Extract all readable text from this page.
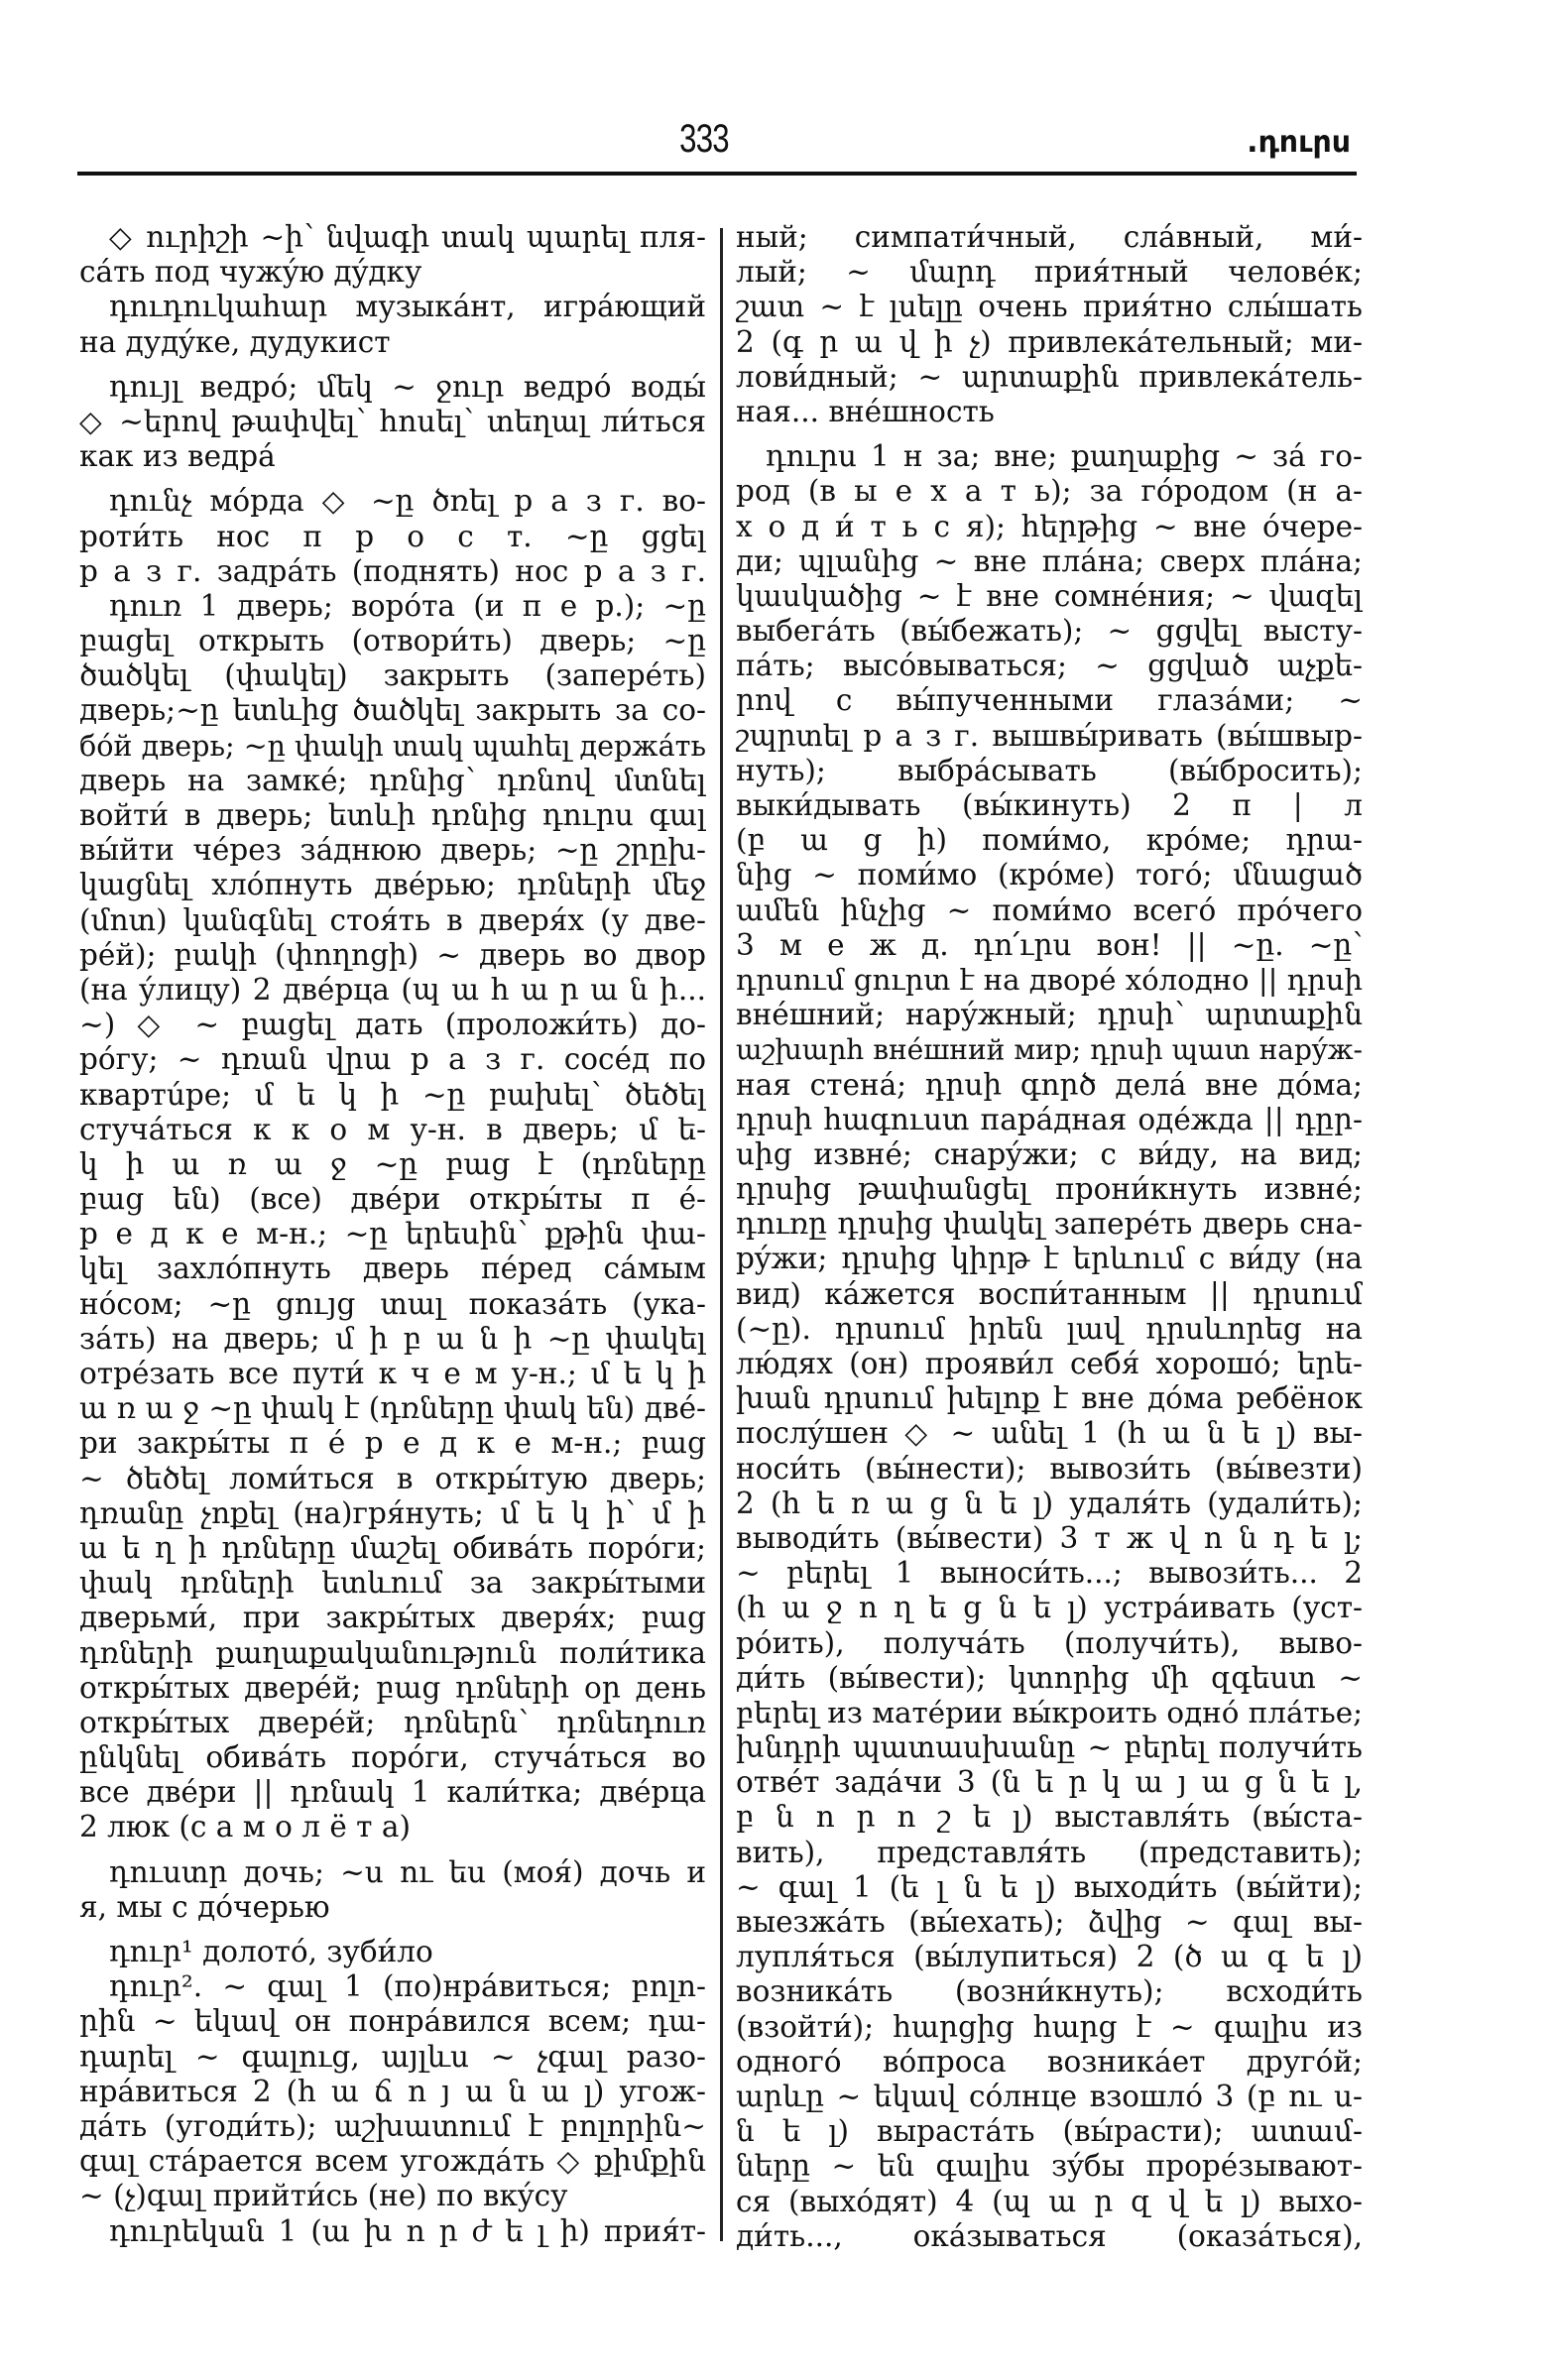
333	.դուրս
◇ ուրիշի ~ի՝ նվագի տակ պարել пля-
сáть под чужýю дýдку
դուդուկահար музыкáнт, игрáющий
на дудýке, дудукист
դույլ ведрó; մեկ ~ ջուր ведрó воды́
◇ ~երով թափվել՝ հոսել՝ տեղալ ли́ться
как из ведрá
դունչ мóрда ◇ ~ը ծռել р а з г. во-
роти́ть нос п р о с т. ~ը ցցել
р а з г. задрáть (поднять) нос р а з г.
դուռ 1 дверь; ворóта (и п е р.); ~ը
բացել открыть (отвори́ть) дверь; ~ը
ծածկել (փակել) закрыть (заперéть)
дверь;~ը ետևից ծածկել закрыть за со-
бóй дверь; ~ը փակի տակ պահել держáть
дверь на замкé; դռնից՝ դռնով մտնել
войти́ в дверь; ետևի դռնից դուրս գալ
вы́йти чéрез зáднюю дверь; ~ը շրըխ-
կացնել хлóпнуть двéрью; դռների մեջ
(մոտ) կանգնել стоя́ть в дверя́х (у две-
рéй); բակի (փողոցի) ~ дверь во двор
(на ýлицу) 2 двéрца (պ ա հ ա ր ա ն ի...
~) ◇ ~ բացել дать (проложи́ть) до-
рóгу; ~ դռան վրա р а з г. сосéд по
квартúре; մ ե կ ի ~ը բախել՝ ծեծել
стучáться к к о м у-н. в дверь; մ ե-
կ ի ա ռ ա ջ ~ը բաց է (դռները
բաց են) (все) двéри откры́ты п é-
р е д к е м-н.; ~ը երեսին՝ քթին փա-
կել захлóпнуть дверь пéред сáмым
нóсом; ~ը ցույց տալ показáть (ука-
зáть) на дверь; մ ի բ ա ն ի ~ը փակել
отрéзать все пути́ к ч е м у-н.; մ ե կ ի
ա ռ ա ջ ~ը փակ է (դռները փակ են) двé-
ри закры́ты п é р е д к е м-н.; բաց
~ ծեծել ломи́ться в откры́тую дверь;
դռանը չոքել (на)гря́нуть; մ ե կ ի՝ մ ի
ա ե ղ ի դռները մաշել обивáть порóги;
փակ դռների ետևում за закры́тыми
дверьми́, при закры́тых дверя́х; բաց
դռների քաղաքականություն поли́тика
откры́тых дверéй; բաց դռների օր день
откры́тых дверéй; դռներն՝ դռնեդուռ
ընկնել обивáть порóги, стучáться во
все двéри || դռնակ 1 кали́тка; двéрца
2 люк (с а м о л ё т а)
դուստր дочь; ~ս ու ես (моя́) дочь и
я, мы с дóчерью
դուր¹ долотó, зуби́ло
դուր². ~ գալ 1 (по)нрáвиться; բոլո-
րին ~ եկավ он понрáвился всем; դա-
դարել ~ գալուց, այլևս ~ չգալ разо-
нрáвиться 2 (հ ա ճ ո յ ա ն ա լ) угож-
дáть (угоди́ть); աշխատում է բոլորին~
գալ стáрается всем угождáть ◇ քիմքին
~ (չ)գալ прийти́сь (не) по вкýсу
դուրեկան 1 (ա խ ո ր ժ ե լ ի) прия́т-
ный; симпати́чный, слáвный, ми́-
лый; ~ մարդ прия́тный человéк;
շատ ~ է լսելը очень прия́тно слы́шать
2 (գ ր ա վ ի չ) привлекáтельный; ми-
лови́дный; ~ արտաքին привлекáтель-
ная... внéшность
դուրս 1 н за; вне; քաղաքից ~ зá го-
род (в ы е х а т ь); за гóродом (н а-
х о д и́ т ь с я); հերթից ~ вне óчере-
ди; պլանից ~ вне плáна; сверх плáна;
կասկածից ~ է вне сомнéния; ~ վազել
выбегáть (вы́бежать); ~ ցցվել высту-
пáть; высóвываться; ~ ցցված աչքե-
րով с вы́пученными глазáми; ~
շպրտել р а з г. вышвы́ривать (вы́швыр-
нуть); выбрáсывать (вы́бросить);
выки́дывать (вы́кинуть) 2 п | л
(բ ա ց ի) поми́мо, крóме; դրա-
նից ~ поми́мо (крóме) тогó; մնացած
ամեն ինչից ~ поми́мо всегó прóчего
3 м е ж д. դո՛ւրս вон! || ~ը. ~ը՝
դրսում ցուրտ է на дворé хóлодно || դրսի
внéшний; нарýжный; դրսի՝ արտաքին
աշխարհ внéшний мир; դրսի պատ нарýж-
ная стенá; դրսի գործ делá вне дóма;
դրսի հագուստ парáдная одéжда || դըր-
սից извнé; снарýжи; с ви́ду, на вид;
դրսից թափանցել прони́кнуть извнé;
դուռը դրսից փակել заперéть дверь сна-
рýжи; դրսից կիրթ է երևում с ви́ду (на
вид) кáжется воспи́танным || դրսում
(~ը). դրսում իրեն լավ դրսևորեց на
лю́дях (он) прояви́л себя́ хорошó; երե-
խան դրսում խելոք է вне дóма ребёнок
послýшен ◇ ~ անել 1 (հ ա ն ե լ) вы-
носи́ть (вы́нести); вывози́ть (вы́везти)
2 (հ ե ռ ա ց ն ե լ) удаля́ть (удали́ть);
выводи́ть (вы́вести) 3 т ж վ ո ն դ ե լ;
~ բերել 1 выноси́ть...; вывози́ть... 2
(հ ա ջ ո ղ ե ց ն ե լ) устрáивать (уст-
рóить), получáть (получи́ть), выво-
ди́ть (вы́вести); կտորից մի զգեստ ~
բերել из матéрии вы́кроить однó плáтье;
խնդրի պատասխանը ~ բերել получи́ть
отвéт задáчи 3 (ն ե ր կ ա յ ա ց ն ե լ,
բ ն ո ր ո շ ե լ) выставля́ть (вы́ста-
вить), представля́ть (представить);
~ գալ 1 (ե լ ն ե լ) выходи́ть (вы́йти);
выезжáть (вы́ехать); ձվից ~ գալ вы-
лупля́ться (вы́лупиться) 2 (ծ ա գ ե լ)
возникáть (возни́кнуть); всходи́ть
(взойти́); հարցից հարց է ~ գալիս из
одногó вóпроса возникáет другóй;
արևը ~ եկավ сóлнце взошлó 3 (բ ու ս-
ն ե լ) вырастáть (вы́расти); ատամ-
ները ~ են գալիս зýбы прорéзывают-
ся (выхóдят) 4 (պ ա ր զ վ ե լ) выхо-
ди́ть..., окáзываться (оказáться),
